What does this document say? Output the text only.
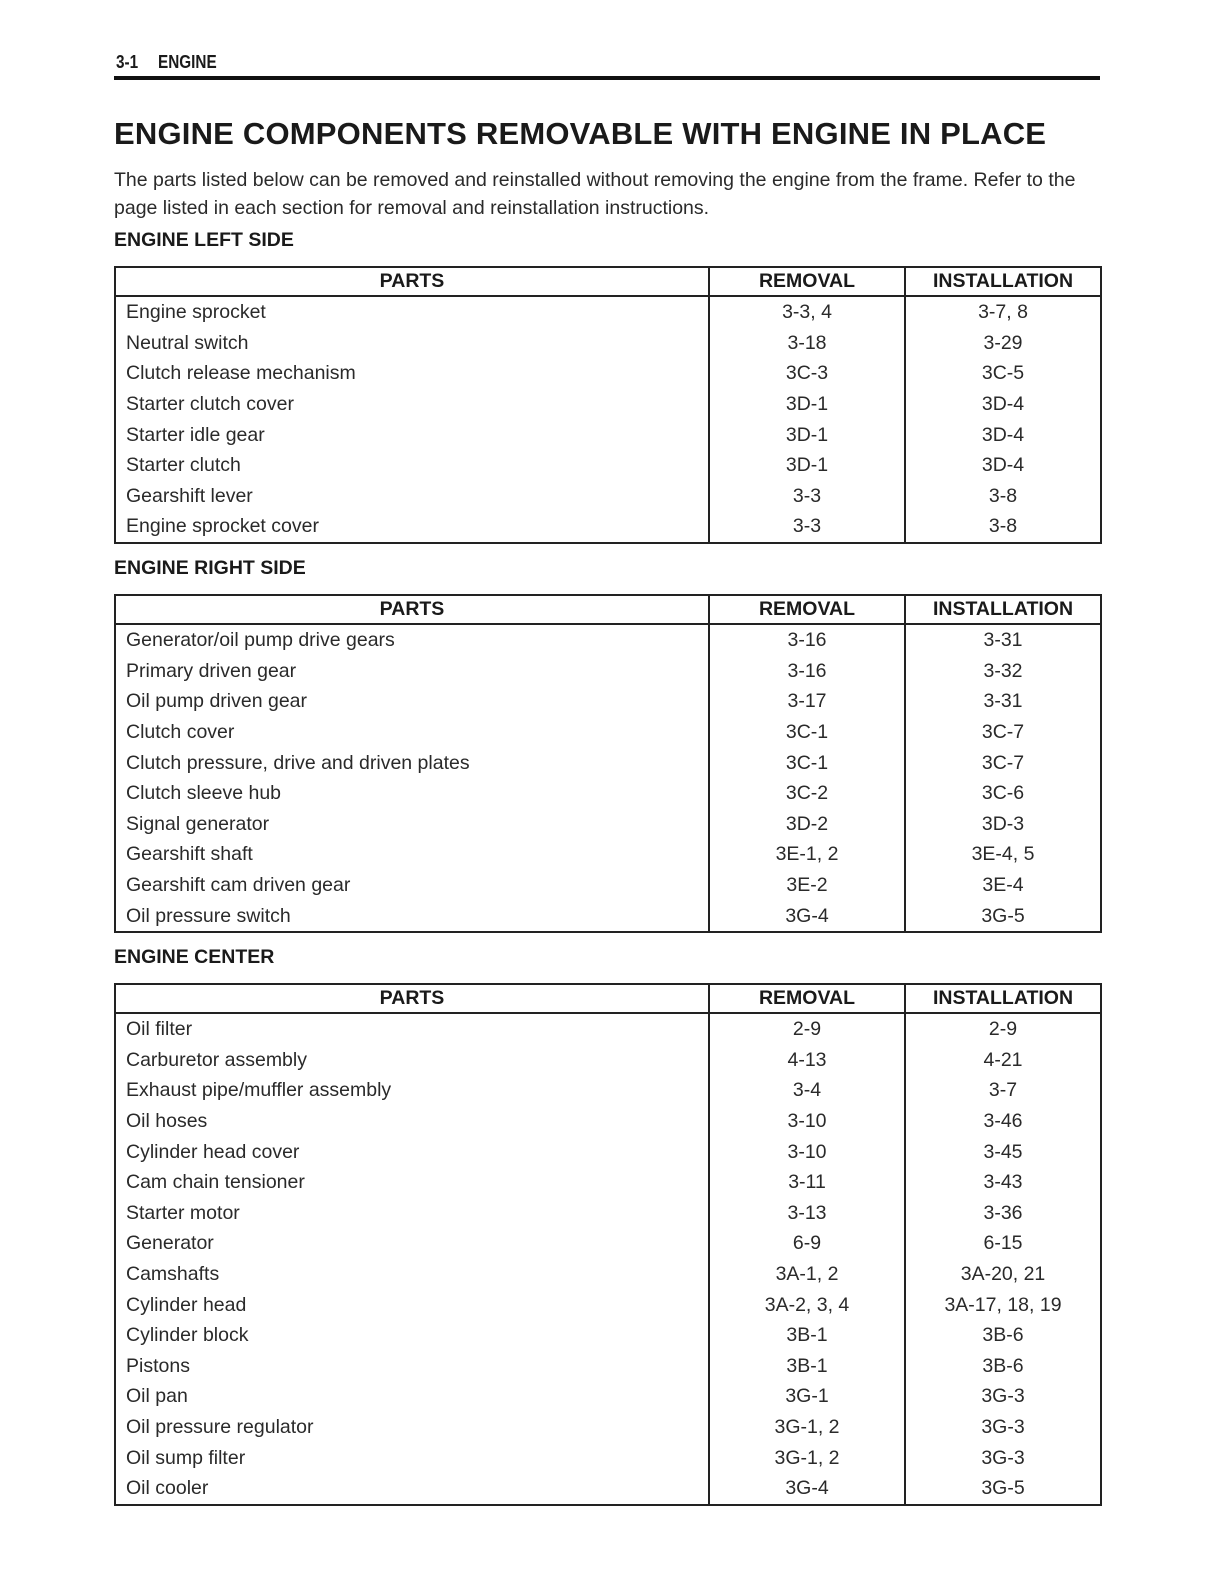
3-1 ENGINE
ENGINE COMPONENTS REMOVABLE WITH ENGINE IN PLACE

The parts listed below can be removed and reinstalled without removing the engine from the frame. Refer to the page listed in each section for removal and reinstallation instructions.

ENGINE LEFT SIDE
PARTS	REMOVAL	INSTALLATION
Engine sprocket	3-3, 4	3-7, 8
Neutral switch	3-18	3-29
Clutch release mechanism	3C-3	3C-5
Starter clutch cover	3D-1	3D-4
Starter idle gear	3D-1	3D-4
Starter clutch	3D-1	3D-4
Gearshift lever	3-3	3-8
Engine sprocket cover	3-3	3-8
ENGINE RIGHT SIDE
PARTS	REMOVAL	INSTALLATION
Generator/oil pump drive gears	3-16	3-31
Primary driven gear	3-16	3-32
Oil pump driven gear	3-17	3-31
Clutch cover	3C-1	3C-7
Clutch pressure, drive and driven plates	3C-1	3C-7
Clutch sleeve hub	3C-2	3C-6
Signal generator	3D-2	3D-3
Gearshift shaft	3E-1, 2	3E-4, 5
Gearshift cam driven gear	3E-2	3E-4
Oil pressure switch	3G-4	3G-5
ENGINE CENTER
PARTS	REMOVAL	INSTALLATION
Oil filter	2-9	2-9
Carburetor assembly	4-13	4-21
Exhaust pipe/muffler assembly	3-4	3-7
Oil hoses	3-10	3-46
Cylinder head cover	3-10	3-45
Cam chain tensioner	3-11	3-43
Starter motor	3-13	3-36
Generator	6-9	6-15
Camshafts	3A-1, 2	3A-20, 21
Cylinder head	3A-2, 3, 4	3A-17, 18, 19
Cylinder block	3B-1	3B-6
Pistons	3B-1	3B-6
Oil pan	3G-1	3G-3
Oil pressure regulator	3G-1, 2	3G-3
Oil sump filter	3G-1, 2	3G-3
Oil cooler	3G-4	3G-5
